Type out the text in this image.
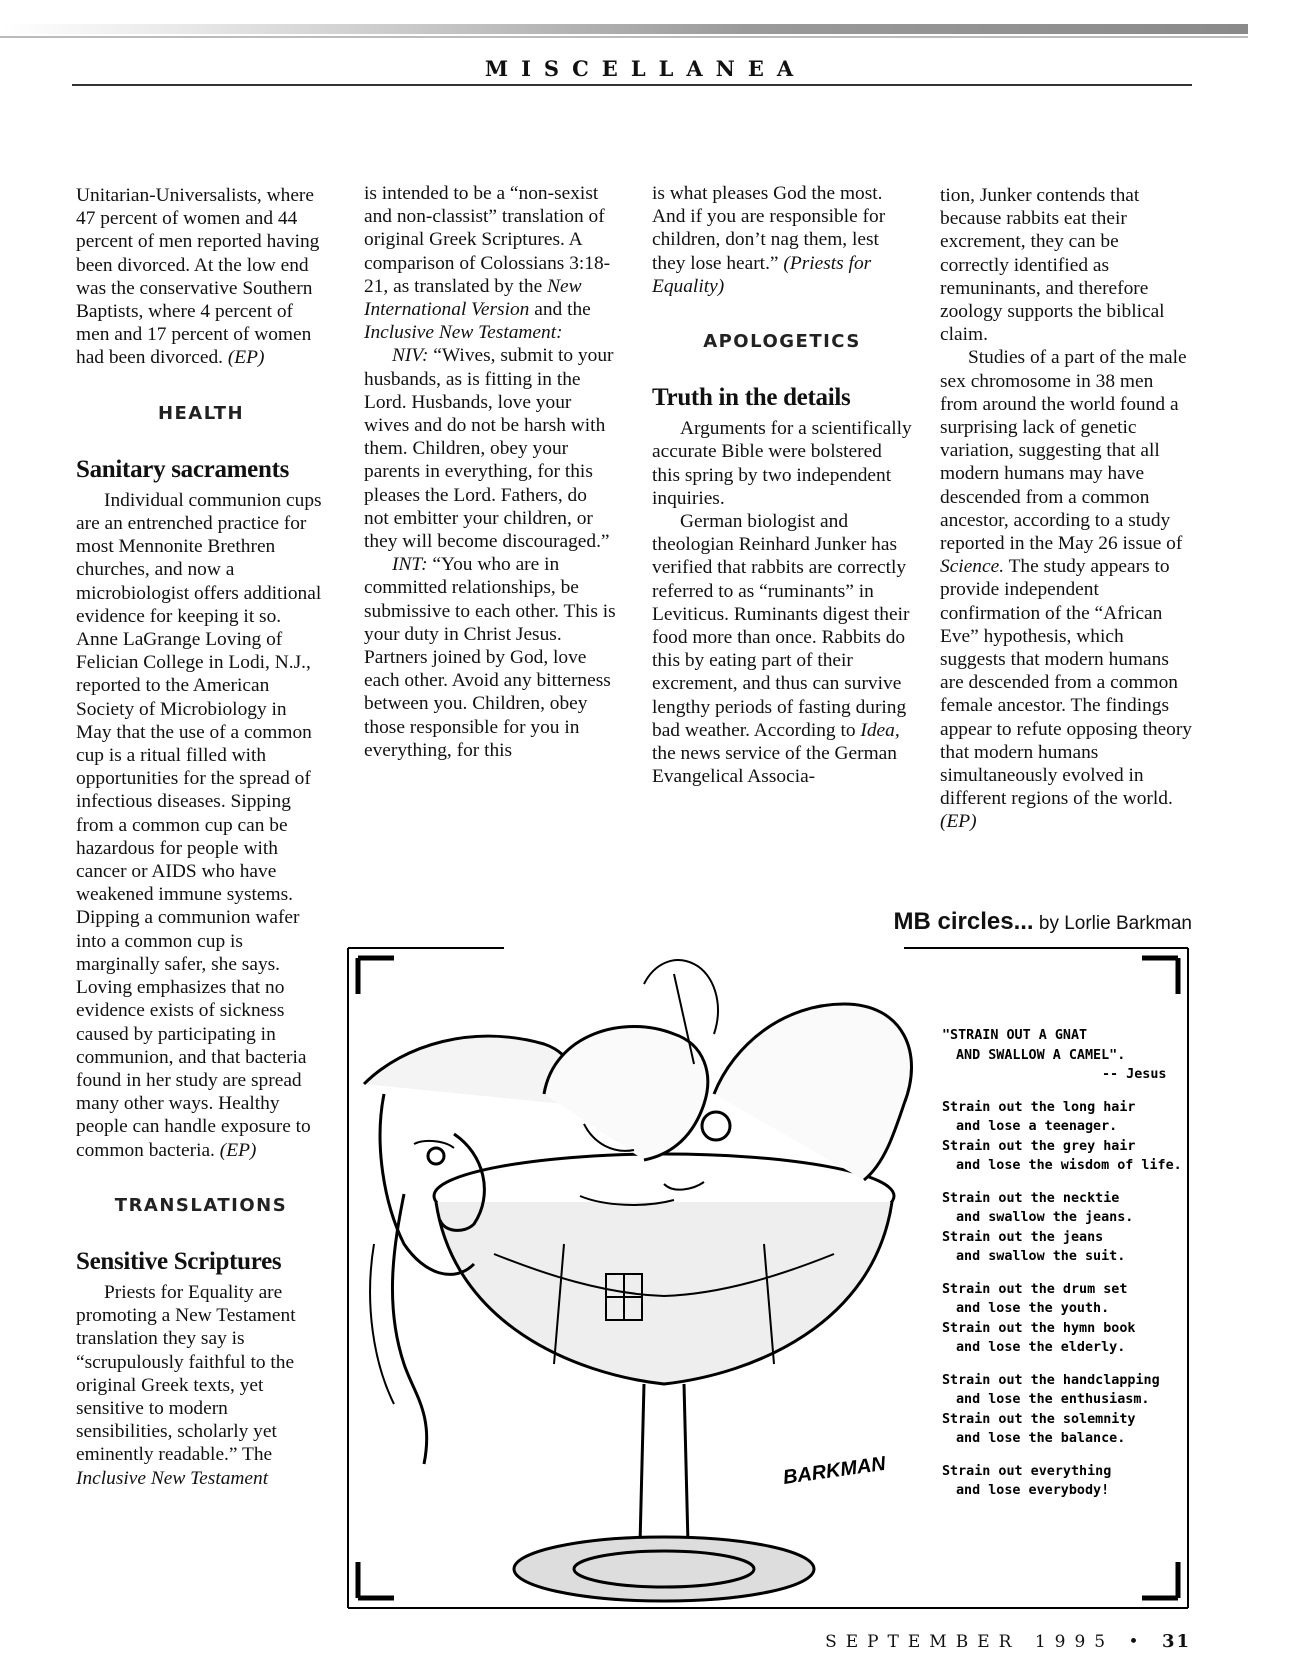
MISCELLANEA

Unitarian-Universalists, where 47 percent of women and 44 percent of men reported having been divorced. At the low end was the conservative Southern Baptists, where 4 percent of men and 17 percent of women had been divorced. (EP)

HEALTH

Sanitary sacraments

Individual communion cups are an entrenched practice for most Mennonite Brethren churches, and now a microbiologist offers additional evidence for keeping it so. Anne LaGrange Loving of Felician College in Lodi, N.J., reported to the American Society of Microbiology in May that the use of a common cup is a ritual filled with opportunities for the spread of infectious diseases. Sipping from a common cup can be hazardous for people with cancer or AIDS who have weakened immune systems. Dipping a communion wafer into a common cup is marginally safer, she says. Loving emphasizes that no evidence exists of sickness caused by participating in communion, and that bacteria found in her study are spread many other ways. Healthy people can handle exposure to common bacteria. (EP)

TRANSLATIONS

Sensitive Scriptures

Priests for Equality are promoting a New Testament translation they say is “scrupulously faithful to the original Greek texts, yet sensitive to modern sensibilities, scholarly yet eminently readable.” The Inclusive New Testament

is intended to be a “non-sexist and non-classist” translation of original Greek Scriptures. A comparison of Colossians 3:18-21, as translated by the New International Version and the Inclusive New Testament:

NIV: “Wives, submit to your husbands, as is fitting in the Lord. Husbands, love your wives and do not be harsh with them. Children, obey your parents in everything, for this pleases the Lord. Fathers, do not embitter your children, or they will become discouraged.”

INT: “You who are in committed relationships, be submissive to each other. This is your duty in Christ Jesus. Partners joined by God, love each other. Avoid any bitterness between you. Children, obey those responsible for you in everything, for this

is what pleases God the most. And if you are responsible for children, don’t nag them, lest they lose heart.” (Priests for Equality)

APOLOGETICS

Truth in the details

Arguments for a scientifically accurate Bible were bolstered this spring by two independent inquiries.

German biologist and theologian Reinhard Junker has verified that rabbits are correctly referred to as “ruminants” in Leviticus. Ruminants digest their food more than once. Rabbits do this by eating part of their excrement, and thus can survive lengthy periods of fasting during bad weather. According to Idea, the news service of the German Evangelical Associa-

tion, Junker contends that because rabbits eat their excrement, they can be correctly identified as remuninants, and therefore zoology supports the biblical claim.

Studies of a part of the male sex chromosome in 38 men from around the world found a surprising lack of genetic variation, suggesting that all modern humans may have descended from a common ancestor, according to a study reported in the May 26 issue of Science. The study appears to provide independent confirmation of the “African Eve” hypothesis, which suggests that modern humans are descended from a common female ancestor. The findings appear to refute opposing theory that modern humans simultaneously evolved in different regions of the world. (EP)

MB circles... by Lorlie Barkman
BARKMAN
"STRAIN OUT A GNAT
AND SWALLOW A CAMEL".
-- Jesus
Strain out the long hair
and lose a teenager.
Strain out the grey hair
and lose the wisdom of life.
Strain out the necktie
and swallow the jeans.
Strain out the jeans
and swallow the suit.
Strain out the drum set
and lose the youth.
Strain out the hymn book
and lose the elderly.
Strain out the handclapping
and lose the enthusiasm.
Strain out the solemnity
and lose the balance.
Strain out everything
and lose everybody!
SEPTEMBER 1995 • 31
